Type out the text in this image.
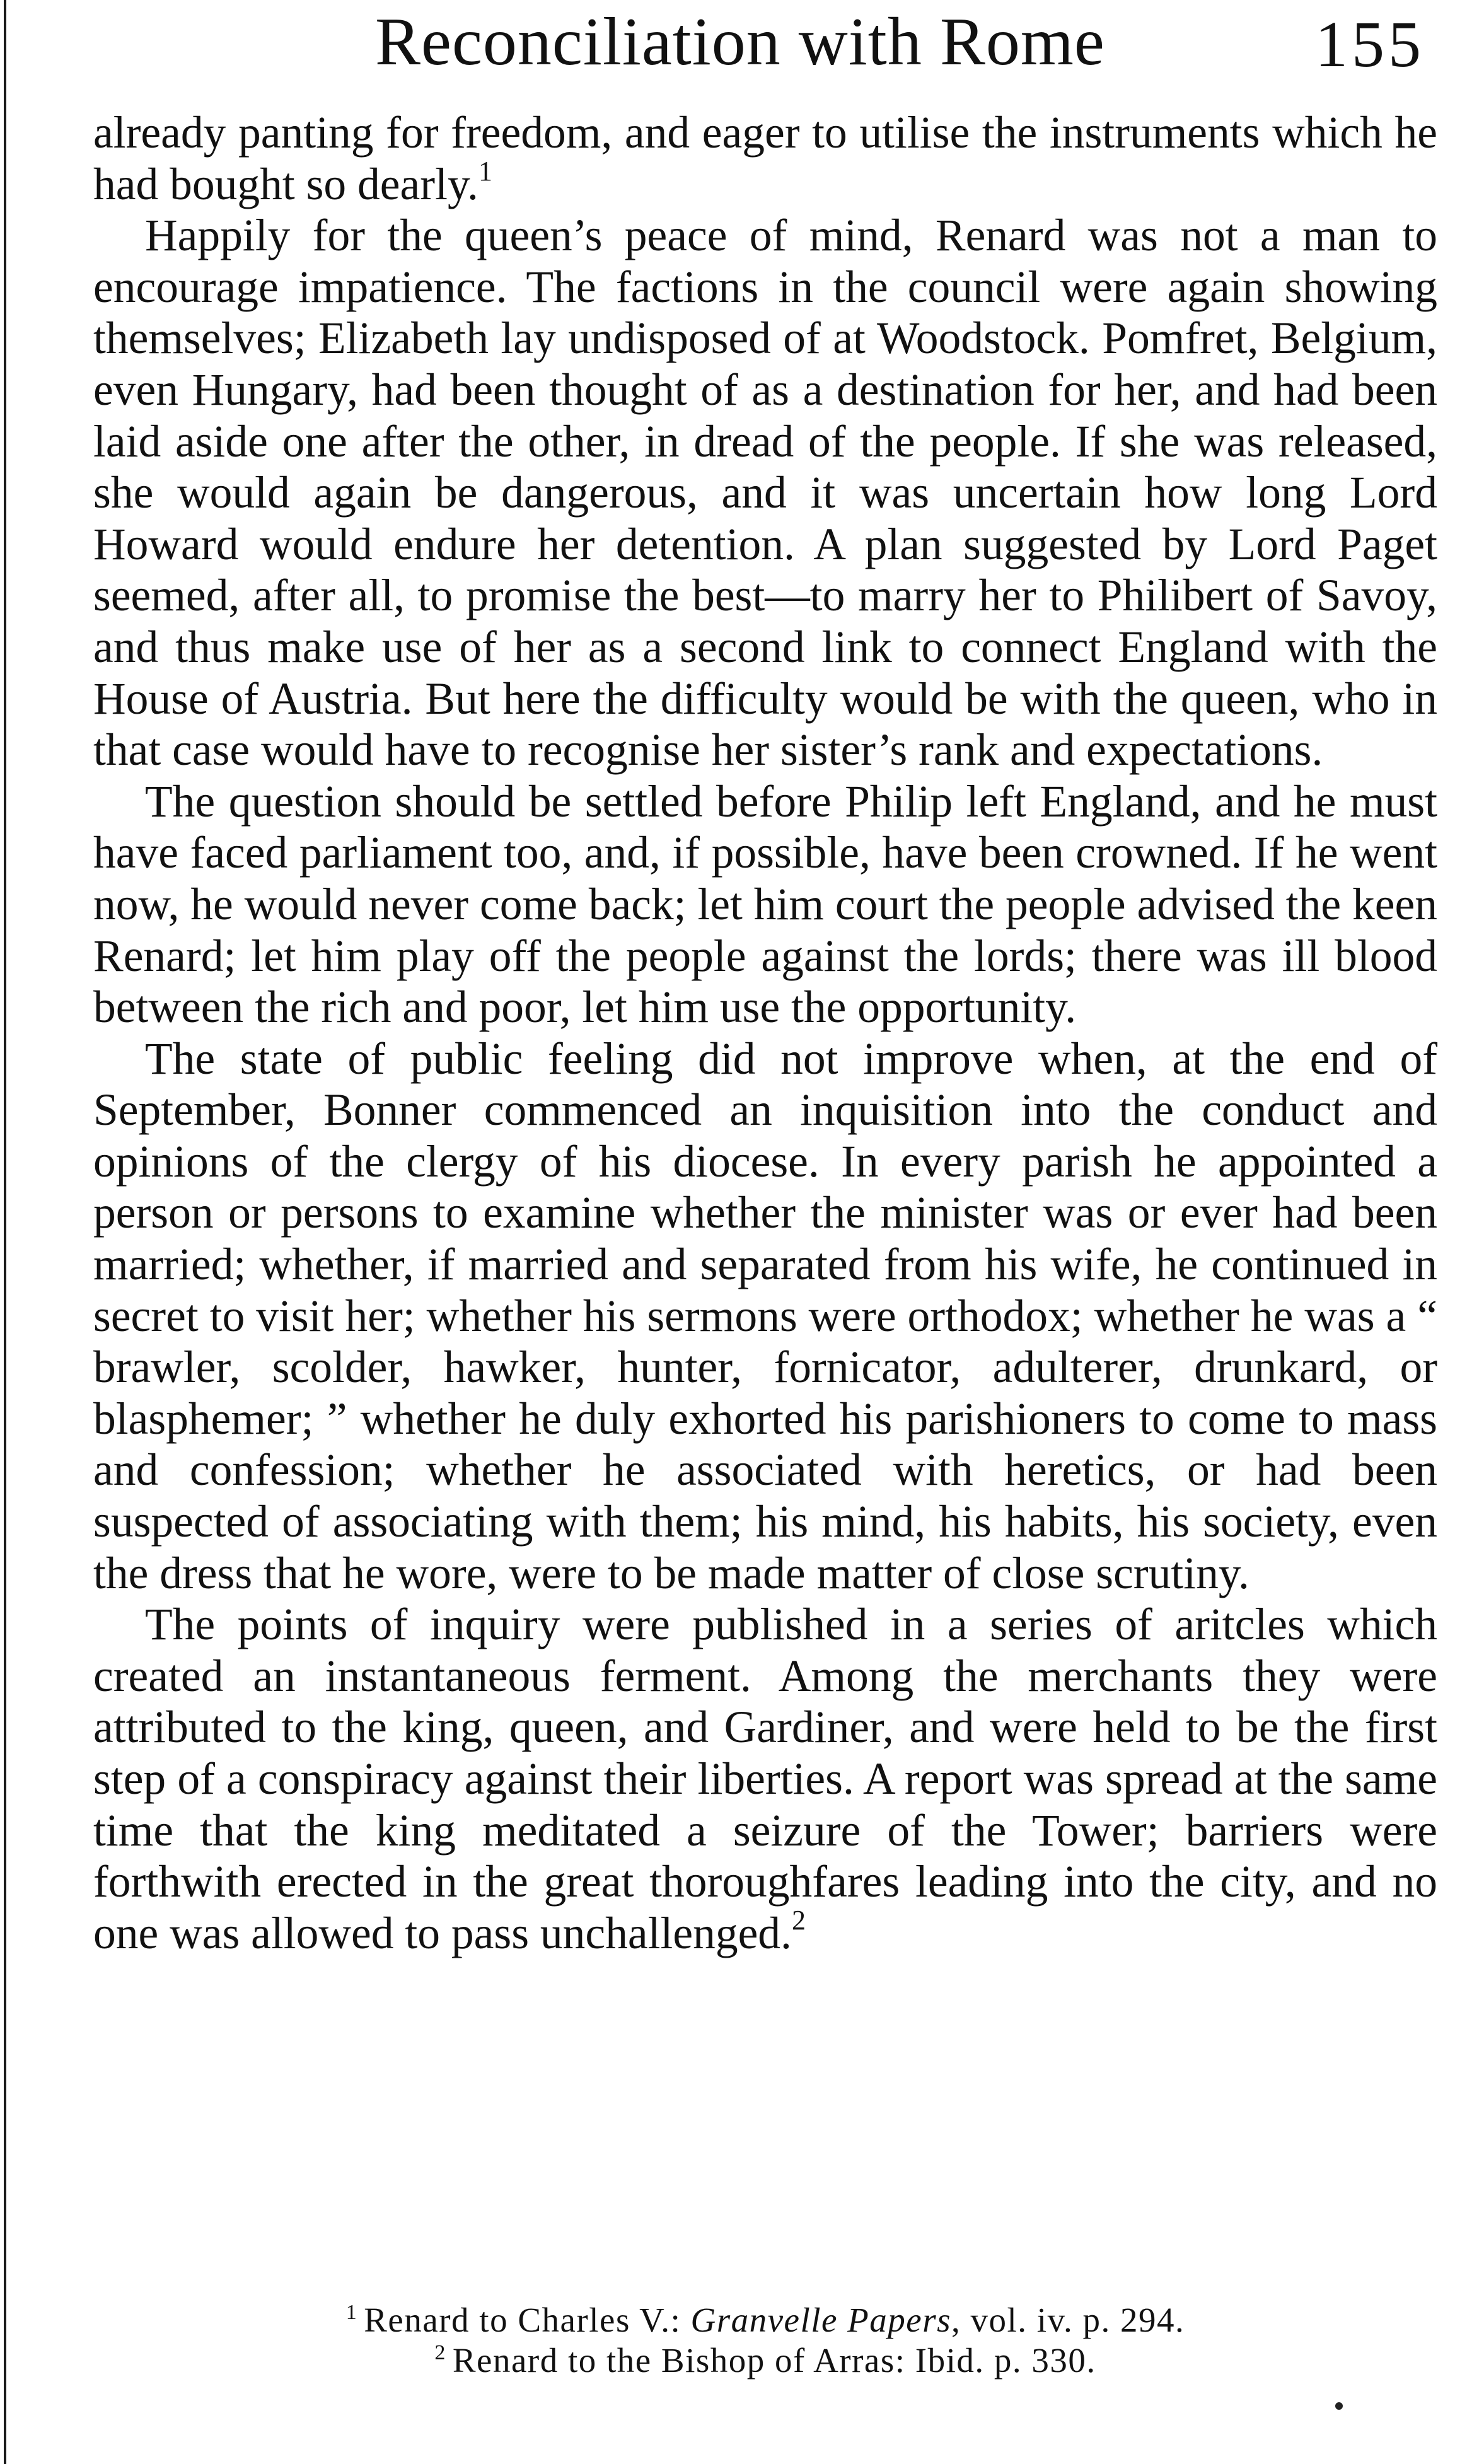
Reconciliation with Rome	155

already panting for freedom, and eager to utilise the instruments which he had bought so dearly.$^1$

Happily for the queen’s peace of mind, Renard was not a man to encourage impatience. The factions in the council were again showing themselves; Elizabeth lay undisposed of at Woodstock. Pomfret, Belgium, even Hungary, had been thought of as a destination for her, and had been laid aside one after the other, in dread of the people. If she was released, she would again be dangerous, and it was uncertain how long Lord Howard would endure her detention. A plan suggested by Lord Paget seemed, after all, to promise the best—to marry her to Philibert of Savoy, and thus make use of her as a second link to connect England with the House of Austria. But here the difficulty would be with the queen, who in that case would have to recognise her sister’s rank and expectations.

The question should be settled before Philip left England, and he must have faced parliament too, and, if possible, have been crowned. If he went now, he would never come back; let him court the people advised the keen Renard; let him play off the people against the lords; there was ill blood between the rich and poor, let him use the opportunity.

The state of public feeling did not improve when, at the end of September, Bonner commenced an inquisition into the conduct and opinions of the clergy of his diocese. In every parish he appointed a person or persons to examine whether the minister was or ever had been married; whether, if married and separated from his wife, he continued in secret to visit her; whether his sermons were orthodox; whether he was a “ brawler, scolder, hawker, hunter, fornicator, adulterer, drunkard, or blasphemer; ” whether he duly exhorted his parishioners to come to mass and confession; whether he associated with heretics, or had been suspected of associating with them; his mind, his habits, his society, even the dress that he wore, were to be made matter of close scrutiny.

The points of inquiry were published in a series of aritcles which created an instantaneous ferment. Among the merchants they were attributed to the king, queen, and Gardiner, and were held to be the first step of a conspiracy against their liberties. A report was spread at the same time that the king meditated a seizure of the Tower; barriers were forthwith erected in the great thoroughfares leading into the city, and no one was allowed to pass unchallenged.$^2$

$^1$ Renard to Charles V.: Granvelle Papers, vol. iv. p. 294.

$^2$ Renard to the Bishop of Arras: Ibid. p. 330.
